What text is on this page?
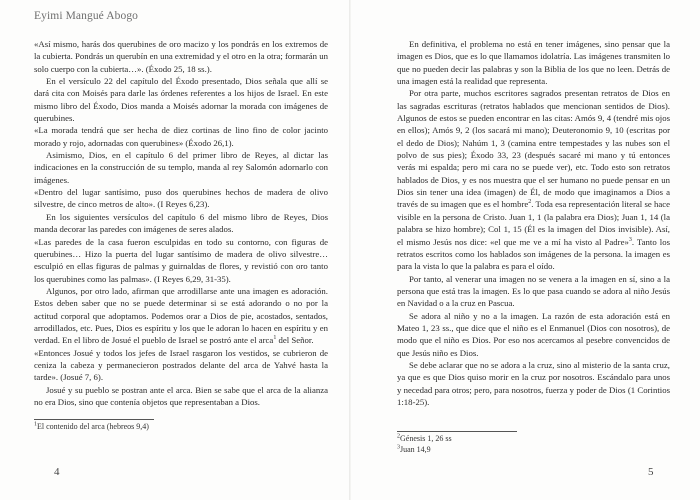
Eyimi Mangué Abogo

«Así mismo, harás dos querubines de oro macizo y los pondrás en los extremos de la cubierta. Pondrás un querubín en una extremidad y el otro en la otra; formarán un solo cuerpo con la cubierta…». (Éxodo 25, 18 ss.).

En el versículo 22 del capítulo del Éxodo presentado, Dios señala que allí se dará cita con Moisés para darle las órdenes referentes a los hijos de Israel. En este mismo libro del Éxodo, Dios manda a Moisés adornar la morada con imágenes de querubines.

«La morada tendrá que ser hecha de diez cortinas de lino fino de color jacinto morado y rojo, adornadas con querubines» (Éxodo 26,1).

Asimismo, Dios, en el capítulo 6 del primer libro de Reyes, al dictar las indicaciones en la construcción de su templo, manda al rey Salomón adornarlo con imágenes.

«Dentro del lugar santísimo, puso dos querubines hechos de madera de olivo silvestre, de cinco metros de alto». (I Reyes 6,23).

En los siguientes versículos del capítulo 6 del mismo libro de Reyes, Dios manda decorar las paredes con imágenes de seres alados.

«Las paredes de la casa fueron esculpidas en todo su contorno, con figuras de querubines… Hizo la puerta del lugar santísimo de madera de olivo silvestre… esculpió en ellas figuras de palmas y guirnaldas de flores, y revistió con oro tanto los querubines como las palmas». (I Reyes 6,29, 31-35).

Algunos, por otro lado, afirman que arrodillarse ante una imagen es adoración. Estos deben saber que no se puede determinar si se está adorando o no por la actitud corporal que adoptamos. Podemos orar a Dios de pie, acostados, sentados, arrodillados, etc. Pues, Dios es espíritu y los que le adoran lo hacen en espíritu y en verdad. En el libro de Josué el pueblo de Israel se postró ante el arca$^1$ del Señor.

«Entonces Josué y todos los jefes de Israel rasgaron los vestidos, se cubrieron de ceniza la cabeza y permanecieron postrados delante del arca de Yahvé hasta la tarde». (Josué 7, 6).

Josué y su pueblo se postran ante el arca. Bien se sabe que el arca de la alianza no era Dios, sino que contenía objetos que representaban a Dios.

$^1$El contenido del arca (hebreos 9,4)
4

En definitiva, el problema no está en tener imágenes, sino pensar que la imagen es Dios, que es lo que llamamos idolatría. Las imágenes transmiten lo que no pueden decir las palabras y son la Biblia de los que no leen. Detrás de una imagen está la realidad que representa.

Por otra parte, muchos escritores sagrados presentan retratos de Dios en las sagradas escrituras (retratos hablados que mencionan sentidos de Dios). Algunos de estos se pueden encontrar en las citas: Amós 9, 4 (tendré mis ojos en ellos); Amós 9, 2 (los sacará mi mano); Deuteronomio 9, 10 (escritas por el dedo de Dios); Nahúm 1, 3 (camina entre tempestades y las nubes son el polvo de sus pies); Éxodo 33, 23 (después sacaré mi mano y tú entonces verás mi espalda; pero mi cara no se puede ver), etc. Todo esto son retratos hablados de Dios, y es nos muestra que el ser humano no puede pensar en un Dios sin tener una idea (imagen) de Él, de modo que imaginamos a Dios a través de su imagen que es el hombre$^2$. Toda esa representación literal se hace visible en la persona de Cristo. Juan 1, 1 (la palabra era Dios); Juan 1, 14 (la palabra se hizo hombre); Col 1, 15 (Él es la imagen del Dios invisible). Así, el mismo Jesús nos dice: «el que me ve a mí ha visto al Padre»$^3$. Tanto los retratos escritos como los hablados son imágenes de la persona. la imagen es para la vista lo que la palabra es para el oído.

Por tanto, al venerar una imagen no se venera a la imagen en sí, sino a la persona que está tras la imagen. Es lo que pasa cuando se adora al niño Jesús en Navidad o a la cruz en Pascua.

Se adora al niño y no a la imagen. La razón de esta adoración está en Mateo 1, 23 ss., que dice que el niño es el Enmanuel (Dios con nosotros), de modo que el niño es Dios. Por eso nos acercamos al pesebre convencidos de que Jesús niño es Dios.

Se debe aclarar que no se adora a la cruz, sino al misterio de la santa cruz, ya que es que Dios quiso morir en la cruz por nosotros. Escándalo para unos y necedad para otros; pero, para nosotros, fuerza y poder de Dios (1 Corintios 1:18-25).

$^2$Génesis 1, 26 ss
$^3$Juan 14,9
5
